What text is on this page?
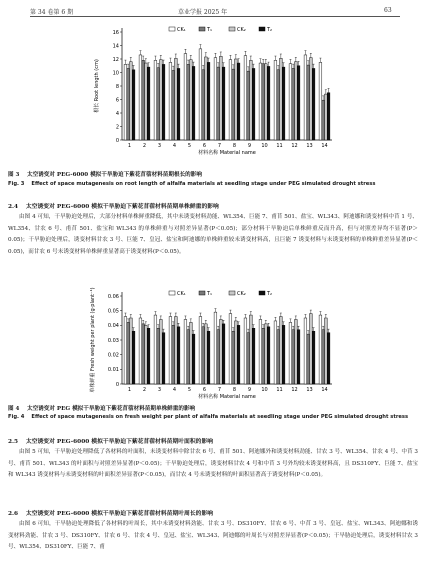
第 34 卷第 6 期	草业学报 2025 年	63
0
2
4
6
8
10
12
14
16
根长 Root length (cm)
1 2 3 4 5 6 7 8 9 10 11 12 13 14
材料名称 Material name
CK₁	T₁	CK₂	T₂
图 3 　太空诱变对 PEG-6000 模拟干旱胁迫下紫花苜蓿材料苗期根长的影响
Fig. 3 　Effect of space mutagenesis on root length of alfalfa materials at seedling stage under PEG simulated drought stress
2.4 　太空诱变对 PEG-6000 模拟干旱胁迫下紫花苜蓿材料苗期单株鲜重的影响

由图 4 可知，干旱胁迫处理后，大部分材料单株鲜重降低，其中未诱变材料劲能、WL354、巨能 7、甫苜 501、盐宝、WL343、阿迪娜和诱变材料中苜 1 号、WL354、甘农 6 号、甫苜 501、盐宝和 WL343 的单株鲜重与对照差异显著(P＜0.05)；部分材料干旱胁迫后单株鲜重反而升高，但与对照差异均不显著(P＞0.05)；干旱胁迫处理后，诱变材料甘农 3 号、巨能 7、皇冠、盐宝和阿迪娜的单株鲜重较未诱变材料高，且巨能 7 诱变材料与未诱变材料的单株鲜重差异显著(P＜0.05)，而甘农 6 号未诱变材料单株鲜重显著高于诱变材料(P＜0.05)。

0
0.01
0.02
0.03
0.04
0.05
0.06
单株鲜重 Fresh weight per plant (g·plant⁻¹)	1 2 3 4 5 6 7 8 9 10 11 12 13 14
材料名称 Material name
CK₁	T₁	CK₂	T₂
图 4 　太空诱变对 PEG 模拟干旱胁迫下紫花苜蓿材料苗期单株鲜重的影响
Fig. 4 　Effect of space mutagenesis on fresh weight per plant of alfalfa materials at seedling stage under PEG simulated drought stress
2.5 　太空诱变对 PEG-6000 模拟干旱胁迫下紫花苜蓿材料苗期叶面积的影响

由图 5 可知，干旱胁迫处理降低了各材料的叶面积，未诱变材料中除甘农 6 号、甫苜 501、阿迪娜外和诱变材料劲能、甘农 3 号、WL354、甘农 4 号、中苜 3 号、甫苜 501、WL343 的叶面积与对照差异显著(P＜0.05)；干旱胁迫处理后，诱变材料甘农 4 号和中苜 3 号外均较未诱变材料高，且 DS310FY、巨能 7、盐宝和 WL343 诱变材料与未诱变材料的叶面积差异显著(P＜0.05)，而甘农 4 号未诱变材料的叶面积显著高于诱变材料(P＜0.05)。

2.6 　太空诱变对 PEG-6000 模拟干旱胁迫下紫花苜蓿材料苗期叶周长的影响

由图 6 可知，干旱胁迫处理降低了各材料的叶周长，其中未诱变材料劲能、甘农 3 号、DS310FY、甘农 6 号、中苜 3 号、皇冠、盐宝、WL343、阿迪娜和诱变材料劲能、甘农 3 号、DS310FY、甘农 6 号、甘农 4 号、皇冠、盐宝、WL343、阿迪娜的叶周长与对照差异显著(P＜0.05)；干旱胁迫处理后，诱变材料甘农 3 号、WL354、DS310FY、巨能 7、甫
